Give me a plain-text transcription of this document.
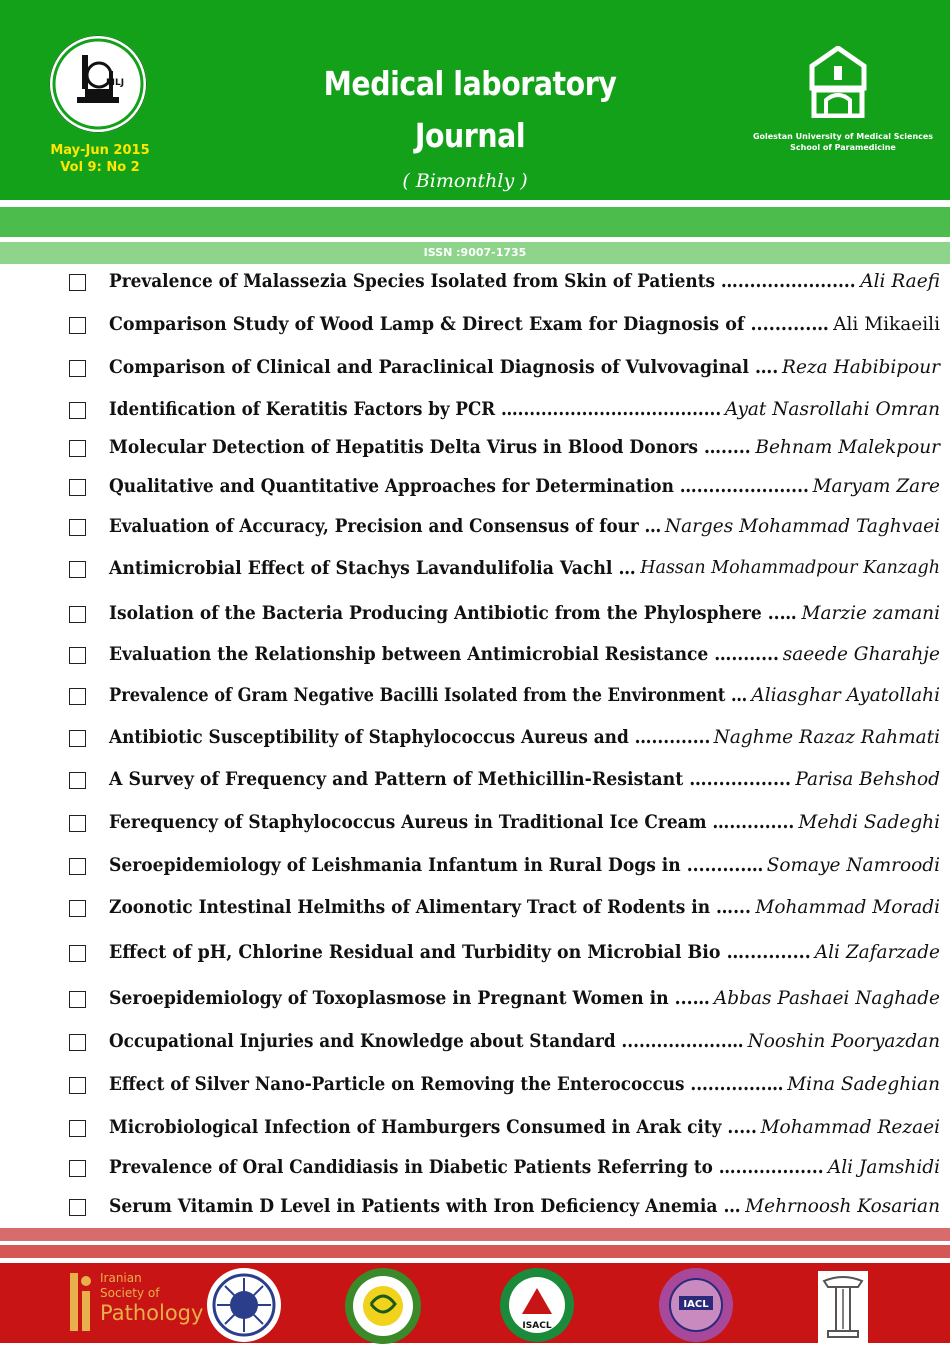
MLJ
May-Jun 2015
Vol 9: No 2
Medical laboratory
Journal
( Bimonthly )
Golestan University of Medical Sciences
School of Paramedicine
ISSN :9007-1735
Prevalence of Malassezia Species Isolated from Skin of Patients ….................... Ali Raefi
Comparison Study of Wood Lamp & Direct Exam for Diagnosis of ..........… Ali Mikaeili
Comparison of Clinical and Paraclinical Diagnosis of Vulvovaginal …. Reza Habibipour
Identification of Keratitis Factors by PCR …................................... Ayat Nasrollahi Omran
Molecular Detection of Hepatitis Delta Virus in Blood Donors …..... Behnam Malekpour
Qualitative and Quantitative Approaches for Determination …................... Maryam Zare
Evaluation of Accuracy, Precision and Consensus of four … Narges Mohammad Taghvaei
Antimicrobial Effect of Stachys Lavandulifolia Vachl … Hassan Mohammadpour Kanzagh
Isolation of the Bacteria Producing Antibiotic from the Phylosphere ..… Marzie zamani
Evaluation the Relationship between Antimicrobial Resistance …........ saeede Gharahje
Prevalence of Gram Negative Bacilli Isolated from the Environment … Aliasghar Ayatollahi
Antibiotic Susceptibility of Staphylococcus Aureus and ….......... Naghme Razaz Rahmati
A Survey of Frequency and Pattern of Methicillin-Resistant ….............. Parisa Behshod
Ferequency of Staphylococcus Aureus in Traditional Ice Cream …........... Mehdi Sadeghi
Seroepidemiology of Leishmania Infantum in Rural Dogs in ..........… Somaye Namroodi
Zoonotic Intestinal Helmiths of Alimentary Tract of Rodents in …... Mohammad Moradi
Effect of pH, Chlorine Residual and Turbidity on Microbial Bio …........... Ali Zafarzade
Seroepidemiology of Toxoplasmose in Pregnant Women in ...… Abbas Pashaei Naghade
Occupational Injuries and Knowledge about Standard ..................… Nooshin Pooryazdan
Effect of Silver Nano-Particle on Removing the Enterococcus .............… Mina Sadeghian
Microbiological Infection of Hamburgers Consumed in Arak city ..... Mohammad Rezaei
Prevalence of Oral Candidiasis in Diabetic Patients Referring to …............... Ali Jamshidi
Serum Vitamin D Level in Patients with Iron Deficiency Anemia … Mehrnoosh Kosarian
Iranian
Society of
Pathology
ISACL
IACL
